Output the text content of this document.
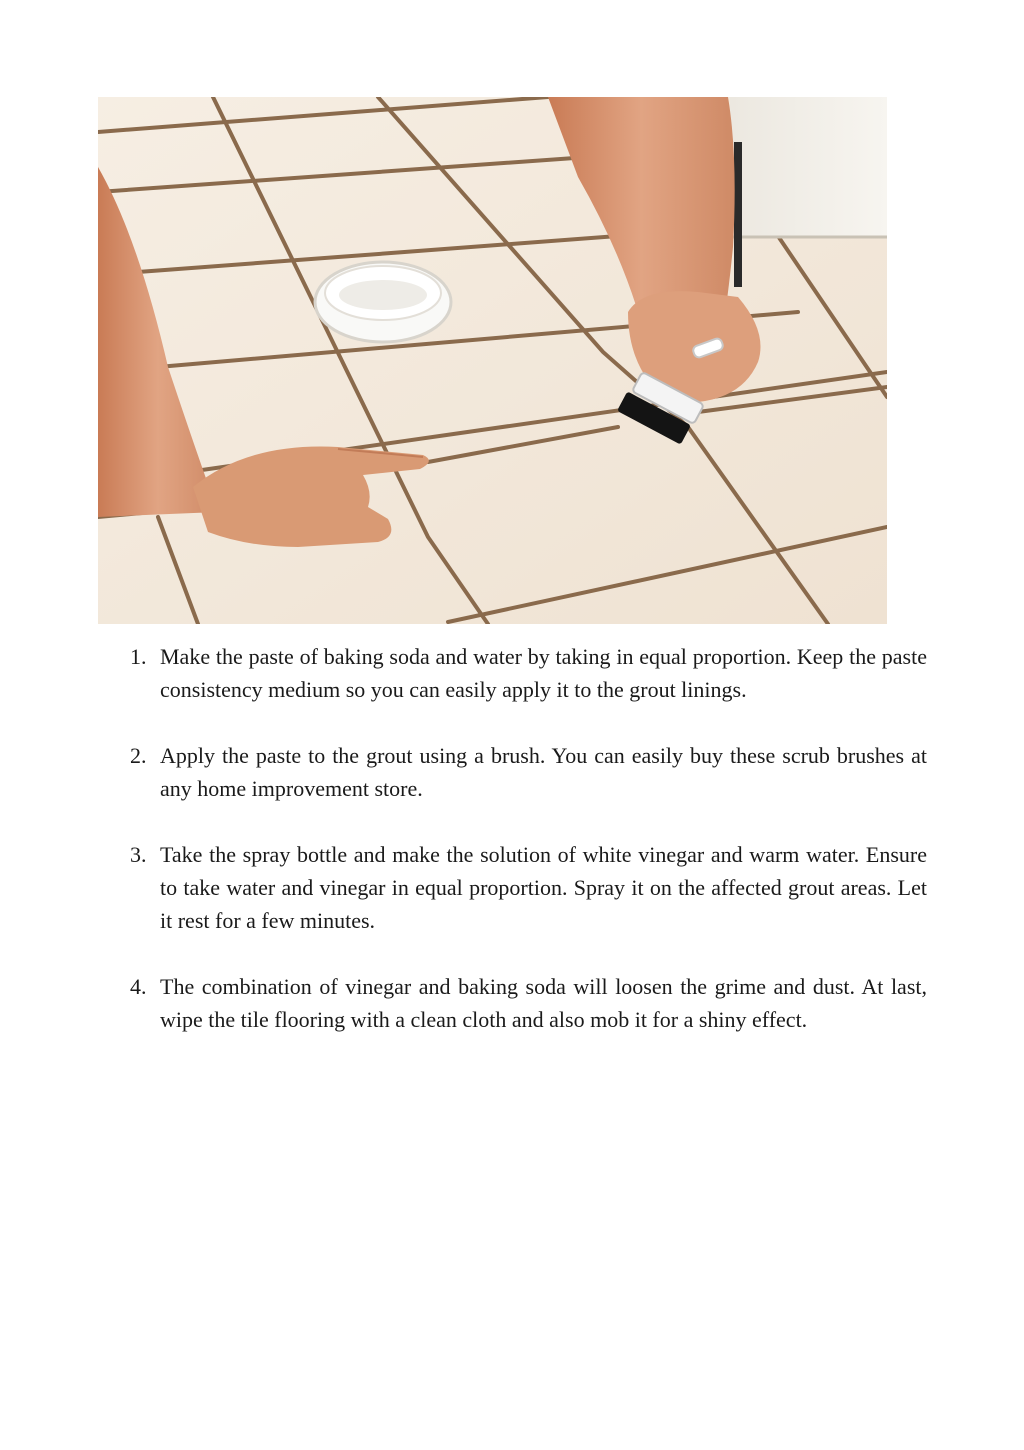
1. Make the paste of baking soda and water by taking in equal proportion. Keep the paste consistency medium so you can easily apply it to the grout linings.
2. Apply the paste to the grout using a brush. You can easily buy these scrub brushes at any home improvement store.
3. Take the spray bottle and make the solution of white vinegar and warm water. Ensure to take water and vinegar in equal proportion. Spray it on the affected grout areas. Let it rest for a few minutes.
4. The combination of vinegar and baking soda will loosen the grime and dust. At last, wipe the tile flooring with a clean cloth and also mob it for a shiny effect.
